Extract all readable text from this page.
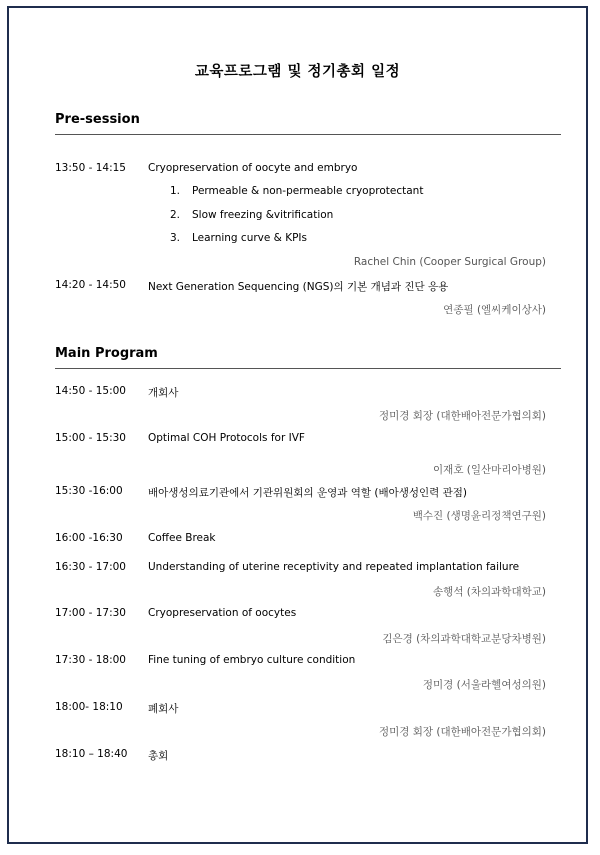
교육프로그램 및 정기총회 일정
Pre-session
13:50 - 14:15 Cryopreservation of oocyte and embryo
1. Permeable & non-permeable cryoprotectant
2. Slow freezing &vitrification
3. Learning curve & KPIs
Rachel Chin (Cooper Surgical Group)
14:20 - 14:50 Next Generation Sequencing (NGS)의 기본 개념과 진단 응용
연종필 (엘씨케이상사)
Main Program
14:50 - 15:00 개회사
정미경 회장 (대한배아전문가협의회)
15:00 - 15:30 Optimal COH Protocols for IVF
이재호 (일산마리아병원)
15:30 -16:00 배아생성의료기관에서 기관위원회의 운영과 역할 (배아생성인력 관점)
백수진 (생명윤리정책연구원)
16:00 -16:30 Coffee Break
16:30 - 17:00 Understanding of uterine receptivity and repeated implantation failure
송행석 (차의과학대학교)
17:00 - 17:30 Cryopreservation of oocytes
김은경 (차의과학대학교분당차병원)
17:30 - 18:00 Fine tuning of embryo culture condition
정미경 (서울라헬여성의원)
18:00- 18:10 폐회사
정미경 회장 (대한배아전문가협의회)
18:10 – 18:40 총회
